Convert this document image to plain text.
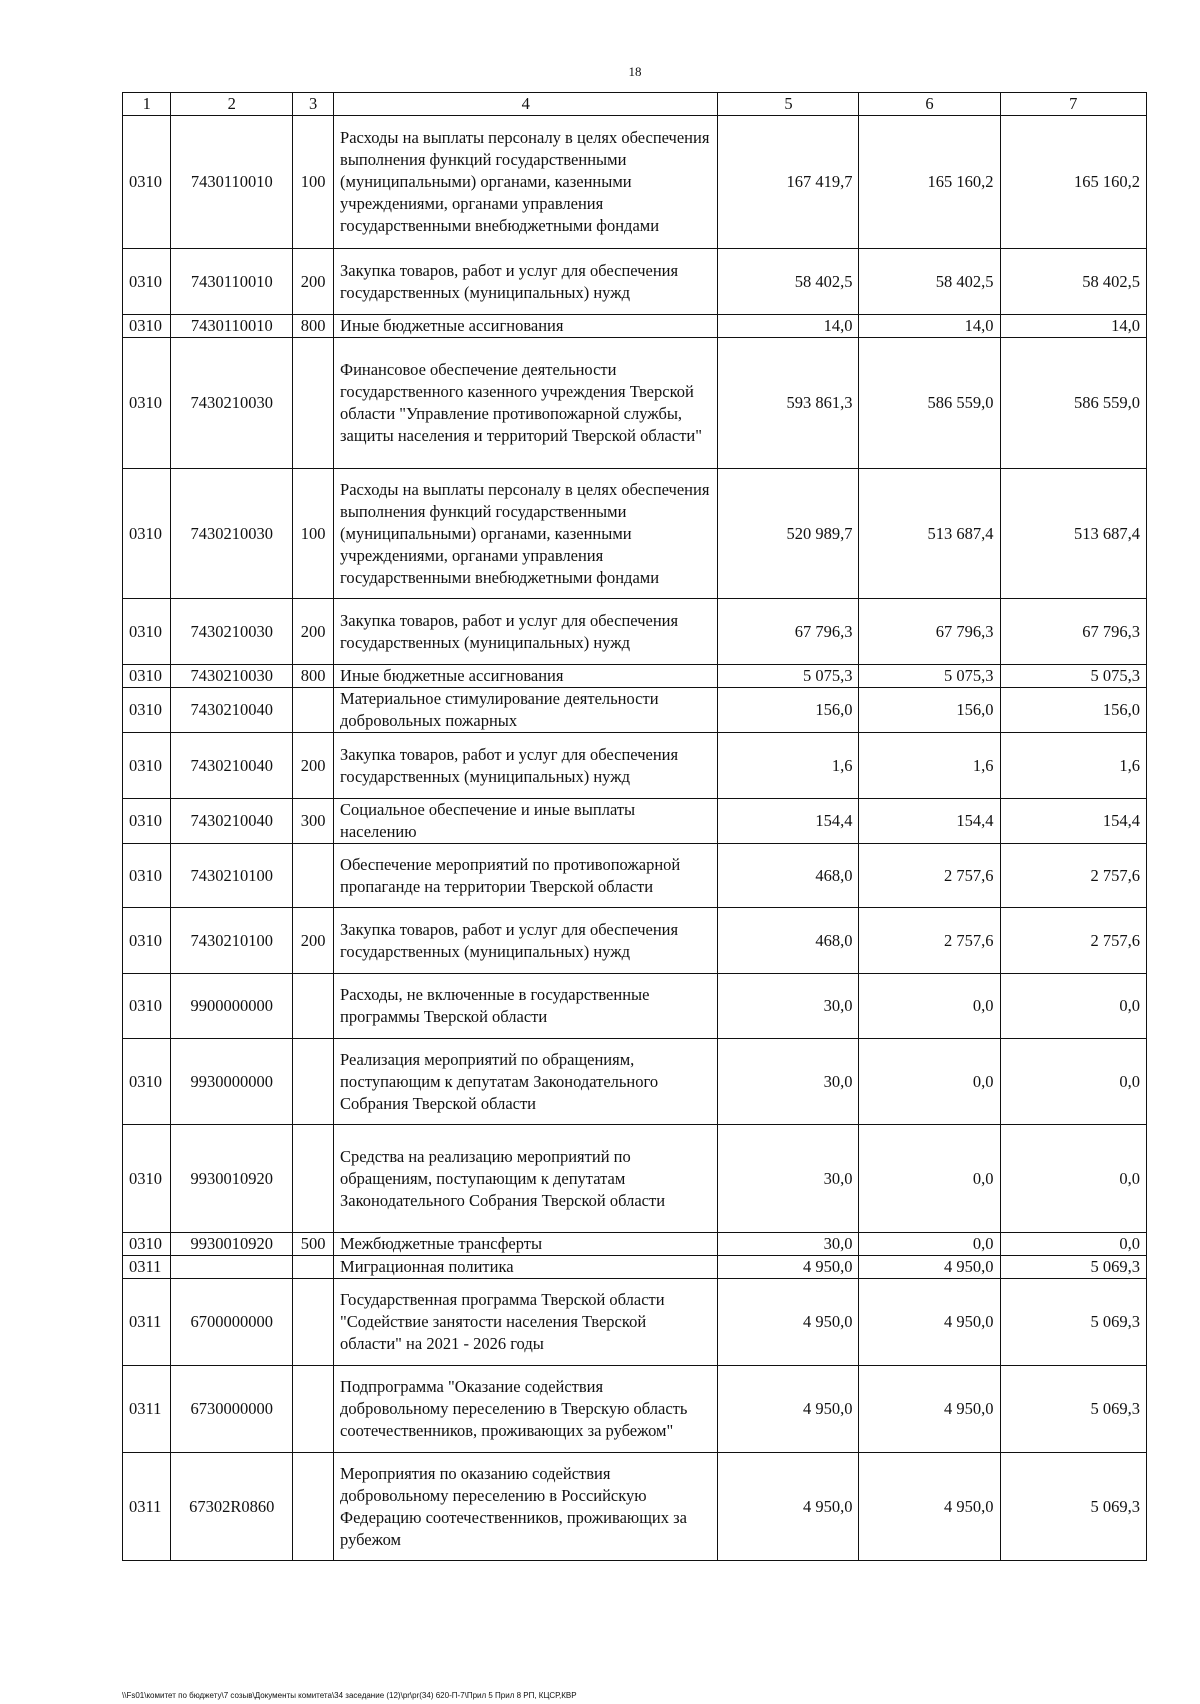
18
1	2	3	4	5	6	7
0310	7430110010	100	Расходы на выплаты персоналу в целях обеспечения выполнения функций государственными (муниципальными) органами, казенными учреждениями, органами управления государственными внебюджетными фондами	167 419,7	165 160,2	165 160,2
0310	7430110010	200	Закупка товаров, работ и услуг для обеспечения государственных (муниципальных) нужд	58 402,5	58 402,5	58 402,5
0310	7430110010	800	Иные бюджетные ассигнования	14,0	14,0	14,0
0310	7430210030		Финансовое обеспечение деятельности государственного казенного учреждения Тверской области "Управление противопожарной службы, защиты населения и территорий Тверской области"	593 861,3	586 559,0	586 559,0
0310	7430210030	100	Расходы на выплаты персоналу в целях обеспечения выполнения функций государственными (муниципальными) органами, казенными учреждениями, органами управления государственными внебюджетными фондами	520 989,7	513 687,4	513 687,4
0310	7430210030	200	Закупка товаров, работ и услуг для обеспечения государственных (муниципальных) нужд	67 796,3	67 796,3	67 796,3
0310	7430210030	800	Иные бюджетные ассигнования	5 075,3	5 075,3	5 075,3
0310	7430210040		Материальное стимулирование деятельности добровольных пожарных	156,0	156,0	156,0
0310	7430210040	200	Закупка товаров, работ и услуг для обеспечения государственных (муниципальных) нужд	1,6	1,6	1,6
0310	7430210040	300	Социальное обеспечение и иные выплаты населению	154,4	154,4	154,4
0310	7430210100		Обеспечение мероприятий по противопожарной пропаганде на территории Тверской области	468,0	2 757,6	2 757,6
0310	7430210100	200	Закупка товаров, работ и услуг для обеспечения государственных (муниципальных) нужд	468,0	2 757,6	2 757,6
0310	9900000000		Расходы, не включенные в государственные программы Тверской области	30,0	0,0	0,0
0310	9930000000		Реализация мероприятий по обращениям, поступающим к депутатам Законодательного Собрания Тверской области	30,0	0,0	0,0
0310	9930010920		Средства на реализацию мероприятий по обращениям, поступающим к депутатам Законодательного Собрания Тверской области	30,0	0,0	0,0
0310	9930010920	500	Межбюджетные трансферты	30,0	0,0	0,0
0311			Миграционная политика	4 950,0	4 950,0	5 069,3
0311	6700000000		Государственная программа Тверской области "Содействие занятости населения Тверской области" на 2021 - 2026 годы	4 950,0	4 950,0	5 069,3
0311	6730000000		Подпрограмма "Оказание содействия добровольному переселению в Тверскую область соотечественников, проживающих за рубежом"	4 950,0	4 950,0	5 069,3
0311	67302R0860		Мероприятия по оказанию содействия добровольному переселению в Российскую Федерацию соотечественников, проживающих за рубежом	4 950,0	4 950,0	5 069,3
\\Fs01\комитет по бюджету\7 созыв\Документы комитета\34 заседание (12)\pr\pr(34) 620-П-7\Прил 5 Прил 8 РП, КЦСР,КВР
